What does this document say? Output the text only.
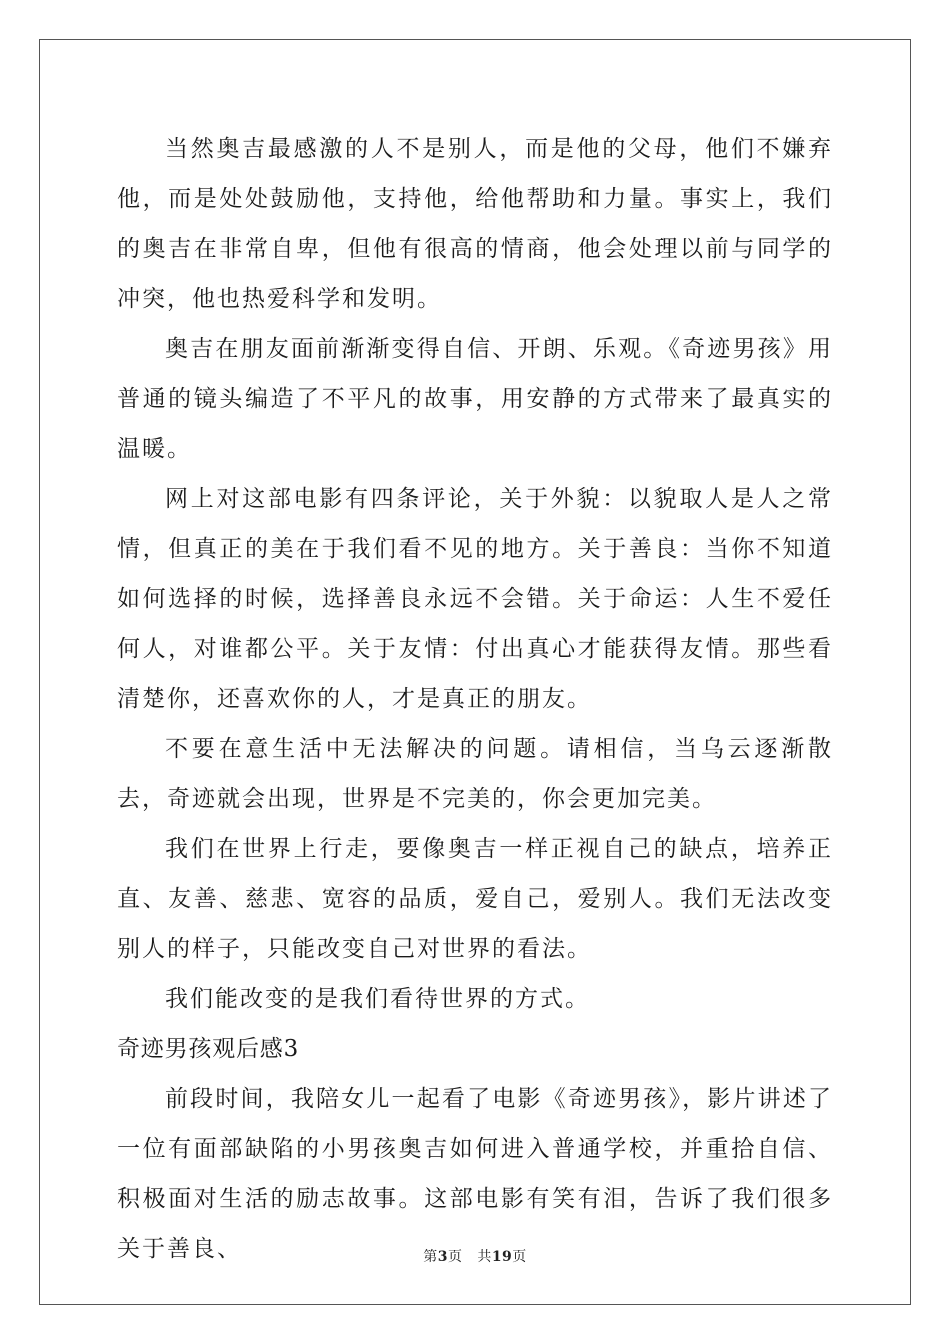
当然奥吉最感激的人不是别人，而是他的父母，他们不嫌弃他，而是处处鼓励他，支持他，给他帮助和力量。事实上，我们的奥吉在非常自卑，但他有很高的情商，他会处理以前与同学的冲突，他也热爱科学和发明。

奥吉在朋友面前渐渐变得自信、开朗、乐观。《奇迹男孩》用普通的镜头编造了不平凡的故事，用安静的方式带来了最真实的温暖。

网上对这部电影有四条评论，关于外貌：以貌取人是人之常情，但真正的美在于我们看不见的地方。关于善良：当你不知道如何选择的时候，选择善良永远不会错。关于命运：人生不爱任何人，对谁都公平。关于友情：付出真心才能获得友情。那些看清楚你，还喜欢你的人，才是真正的朋友。

不要在意生活中无法解决的问题。请相信，当乌云逐渐散去，奇迹就会出现，世界是不完美的，你会更加完美。

我们在世界上行走，要像奥吉一样正视自己的缺点，培养正直、友善、慈悲、宽容的品质，爱自己，爱别人。我们无法改变别人的样子，只能改变自己对世界的看法。

我们能改变的是我们看待世界的方式。

奇迹男孩观后感3

前段时间，我陪女儿一起看了电影《奇迹男孩》，影片讲述了一位有面部缺陷的小男孩奥吉如何进入普通学校，并重拾自信、积极面对生活的励志故事。这部电影有笑有泪，告诉了我们很多关于善良、	第3页 共19页
